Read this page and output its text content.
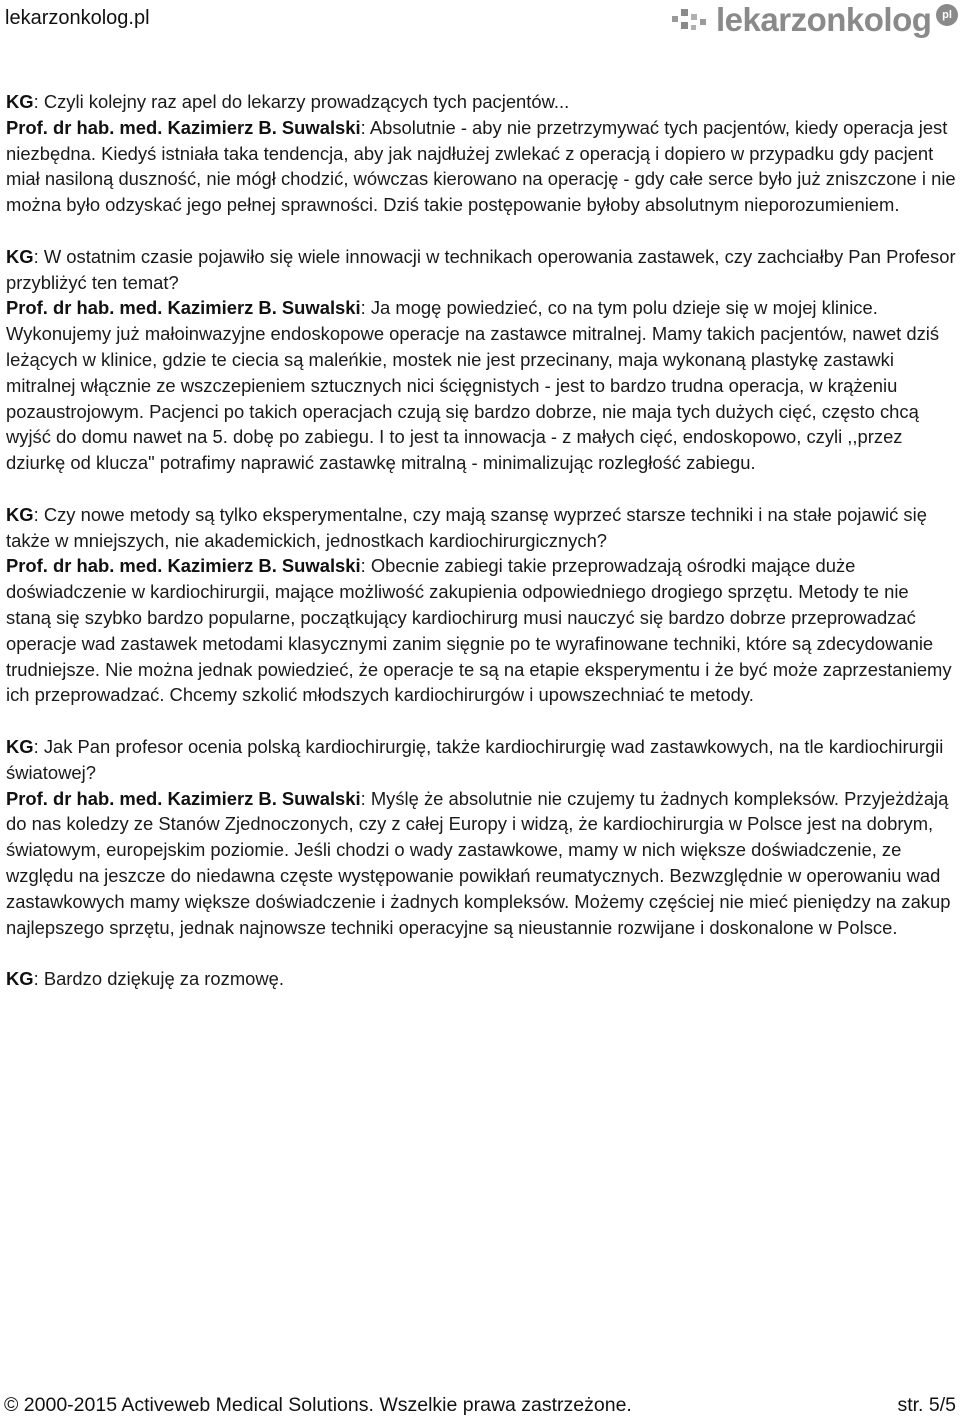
lekarzonkolog.pl	lekarzonkolog pl

KG: Czyli kolejny raz apel do lekarzy prowadzących tych pacjentów...
Prof. dr hab. med. Kazimierz B. Suwalski: Absolutnie - aby nie przetrzymywać tych pacjentów, kiedy operacja jest niezbędna. Kiedyś istniała taka tendencja, aby jak najdłużej zwlekać z operacją i dopiero w przypadku gdy pacjent miał nasiloną duszność, nie mógł chodzić, wówczas kierowano na operację - gdy całe serce było już zniszczone i nie można było odzyskać jego pełnej sprawności. Dziś takie postępowanie byłoby absolutnym nieporozumieniem.

KG: W ostatnim czasie pojawiło się wiele innowacji w technikach operowania zastawek, czy zachciałby Pan Profesor przybliżyć ten temat?
Prof. dr hab. med. Kazimierz B. Suwalski: Ja mogę powiedzieć, co na tym polu dzieje się w mojej klinice. Wykonujemy już małoinwazyjne endoskopowe operacje na zastawce mitralnej. Mamy takich pacjentów, nawet dziś leżących w klinice, gdzie te ciecia są maleńkie, mostek nie jest przecinany, maja wykonaną plastykę zastawki mitralnej włącznie ze wszczepieniem sztucznych nici ścięgnistych - jest to bardzo trudna operacja, w krążeniu pozaustrojowym. Pacjenci po takich operacjach czują się bardzo dobrze, nie maja tych dużych cięć, często chcą wyjść do domu nawet na 5. dobę po zabiegu. I to jest ta innowacja - z małych cięć, endoskopowo, czyli ,,przez dziurkę od klucza" potrafimy naprawić zastawkę mitralną - minimalizując rozległość zabiegu.

KG: Czy nowe metody są tylko eksperymentalne, czy mają szansę wyprzeć starsze techniki i na stałe pojawić się także w mniejszych, nie akademickich, jednostkach kardiochirurgicznych?
Prof. dr hab. med. Kazimierz B. Suwalski: Obecnie zabiegi takie przeprowadzają ośrodki mające duże doświadczenie w kardiochirurgii, mające możliwość zakupienia odpowiedniego drogiego sprzętu. Metody te nie staną się szybko bardzo popularne, początkujący kardiochirurg musi nauczyć się bardzo dobrze przeprowadzać operacje wad zastawek metodami klasycznymi zanim sięgnie po te wyrafinowane techniki, które są zdecydowanie trudniejsze. Nie można jednak powiedzieć, że operacje te są na etapie eksperymentu i że być może zaprzestaniemy ich przeprowadzać. Chcemy szkolić młodszych kardiochirurgów i upowszechniać te metody.

KG: Jak Pan profesor ocenia polską kardiochirurgię, także kardiochirurgię wad zastawkowych, na tle kardiochirurgii światowej?
Prof. dr hab. med. Kazimierz B. Suwalski: Myślę że absolutnie nie czujemy tu żadnych kompleksów. Przyjeżdżają do nas koledzy ze Stanów Zjednoczonych, czy z całej Europy i widzą, że kardiochirurgia w Polsce jest na dobrym, światowym, europejskim poziomie. Jeśli chodzi o wady zastawkowe, mamy w nich większe doświadczenie, ze względu na jeszcze do niedawna częste występowanie powikłań reumatycznych. Bezwzględnie w operowaniu wad zastawkowych mamy większe doświadczenie i żadnych kompleksów. Możemy częściej nie mieć pieniędzy na zakup najlepszego sprzętu, jednak najnowsze techniki operacyjne są nieustannie rozwijane i doskonalone w Polsce.

KG: Bardzo dziękuję za rozmowę.

© 2000-2015 Activeweb Medical Solutions. Wszelkie prawa zastrzeżone.	str. 5/5
